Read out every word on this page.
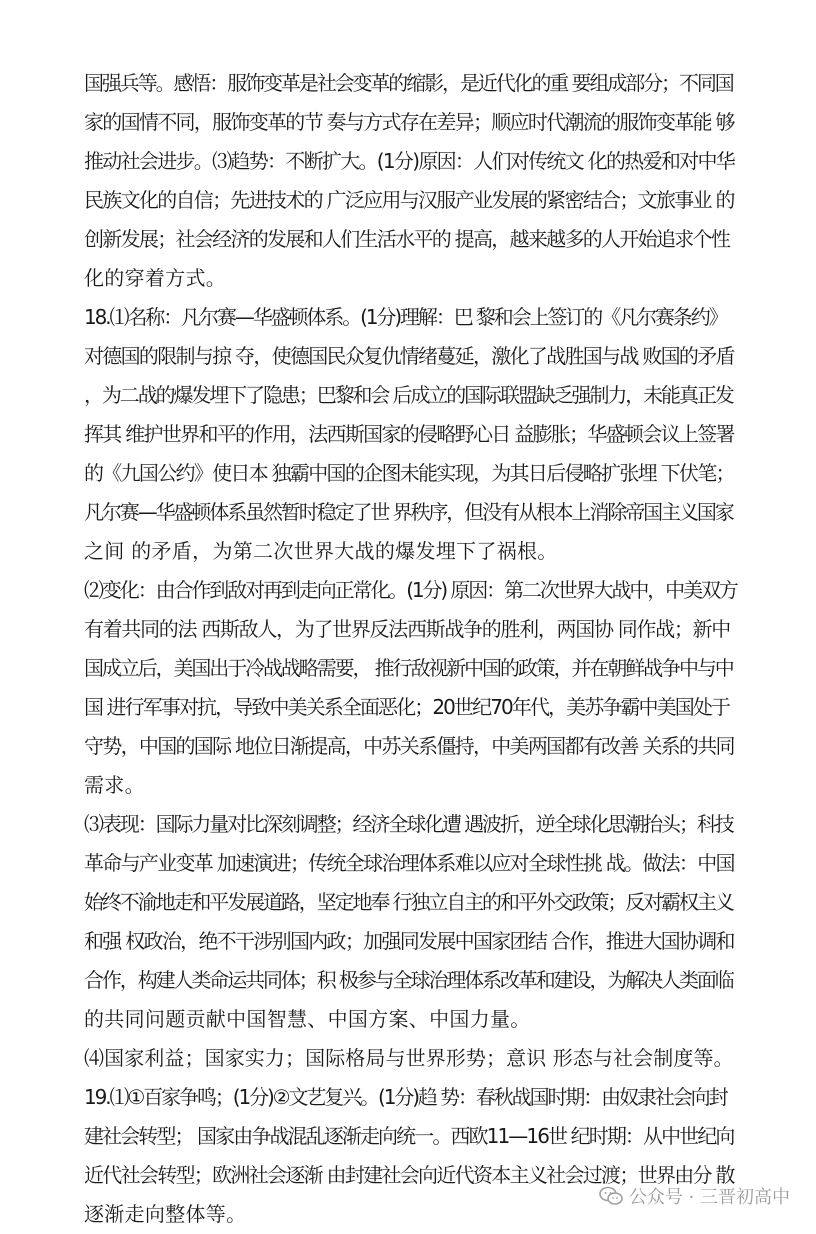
国强兵等。感悟：服饰变革是社会变革的缩影，是近代化的重 要组成部分；不同国
家的国情不同，服饰变革的节 奏与方式存在差异；顺应时代潮流的服饰变革能 够
推动社会进步。⑶趋势：不断扩大。(1分)原因：人们对传统文 化的热爱和对中华
民族文化的自信；先进技术的 广泛应用与汉服产业发展的紧密结合；文旅事业 的
创新发展；社会经济的发展和人们生活水平的 提高，越来越多的人开始追求个性
化的穿着方式。

18.⑴名称：凡尔赛—华盛顿体系。(1分)理解：巴 黎和会上签订的《凡尔赛条约》
对德国的限制与掠 夺，使德国民众复仇情绪蔓延，激化了战胜国与战 败国的矛盾
，为二战的爆发埋下了隐患；巴黎和会 后成立的国际联盟缺乏强制力，未能真正发
挥其 维护世界和平的作用，法西斯国家的侵略野心日 益膨胀；华盛顿会议上签署
的《九国公约》使日本 独霸中国的企图未能实现，为其日后侵略扩张埋 下伏笔；
凡尔赛—华盛顿体系虽然暂时稳定了世 界秩序，但没有从根本上消除帝国主义国家
之间 的矛盾，为第二次世界大战的爆发埋下了祸根。

⑵变化：由合作到敌对再到走向正常化。(1分) 原因：第二次世界大战中，中美双方
有着共同的法 西斯敌人，为了世界反法西斯战争的胜利，两国协 同作战；新中
国成立后，美国出于冷战战略需要， 推行敌视新中国的政策，并在朝鲜战争中与中
国 进行军事对抗，导致中美关系全面恶化；20世纪70年代，美苏争霸中美国处于
守势，中国的国际 地位日渐提高，中苏关系僵持，中美两国都有改善 关系的共同
需求。

⑶表现：国际力量对比深刻调整；经济全球化遭 遇波折，逆全球化思潮抬头；科技
革命与产业变革 加速演进；传统全球治理体系难以应对全球性挑 战。做法：中国
始终不渝地走和平发展道路，坚定地奉 行独立自主的和平外交政策；反对霸权主义
和强 权政治，绝不干涉别国内政；加强同发展中国家团结 合作，推进大国协调和
合作，构建人类命运共同体；积 极参与全球治理体系改革和建设，为解决人类面临
的共同问题贡献中国智慧、中国方案、中国力量。

⑷国家利益；国家实力；国际格局与世界形势；意识 形态与社会制度等。

19.⑴①百家争鸣；(1分)②文艺复兴。(1分)趋 势：春秋战国时期：由奴隶社会向封
建社会转型； 国家由争战混乱逐渐走向统一。西欧11—16世 纪时期：从中世纪向
近代社会转型；欧洲社会逐渐 由封建社会向近代资本主义社会过渡；世界由分 散
逐渐走向整体等。

公众号 · 三晋初高中
